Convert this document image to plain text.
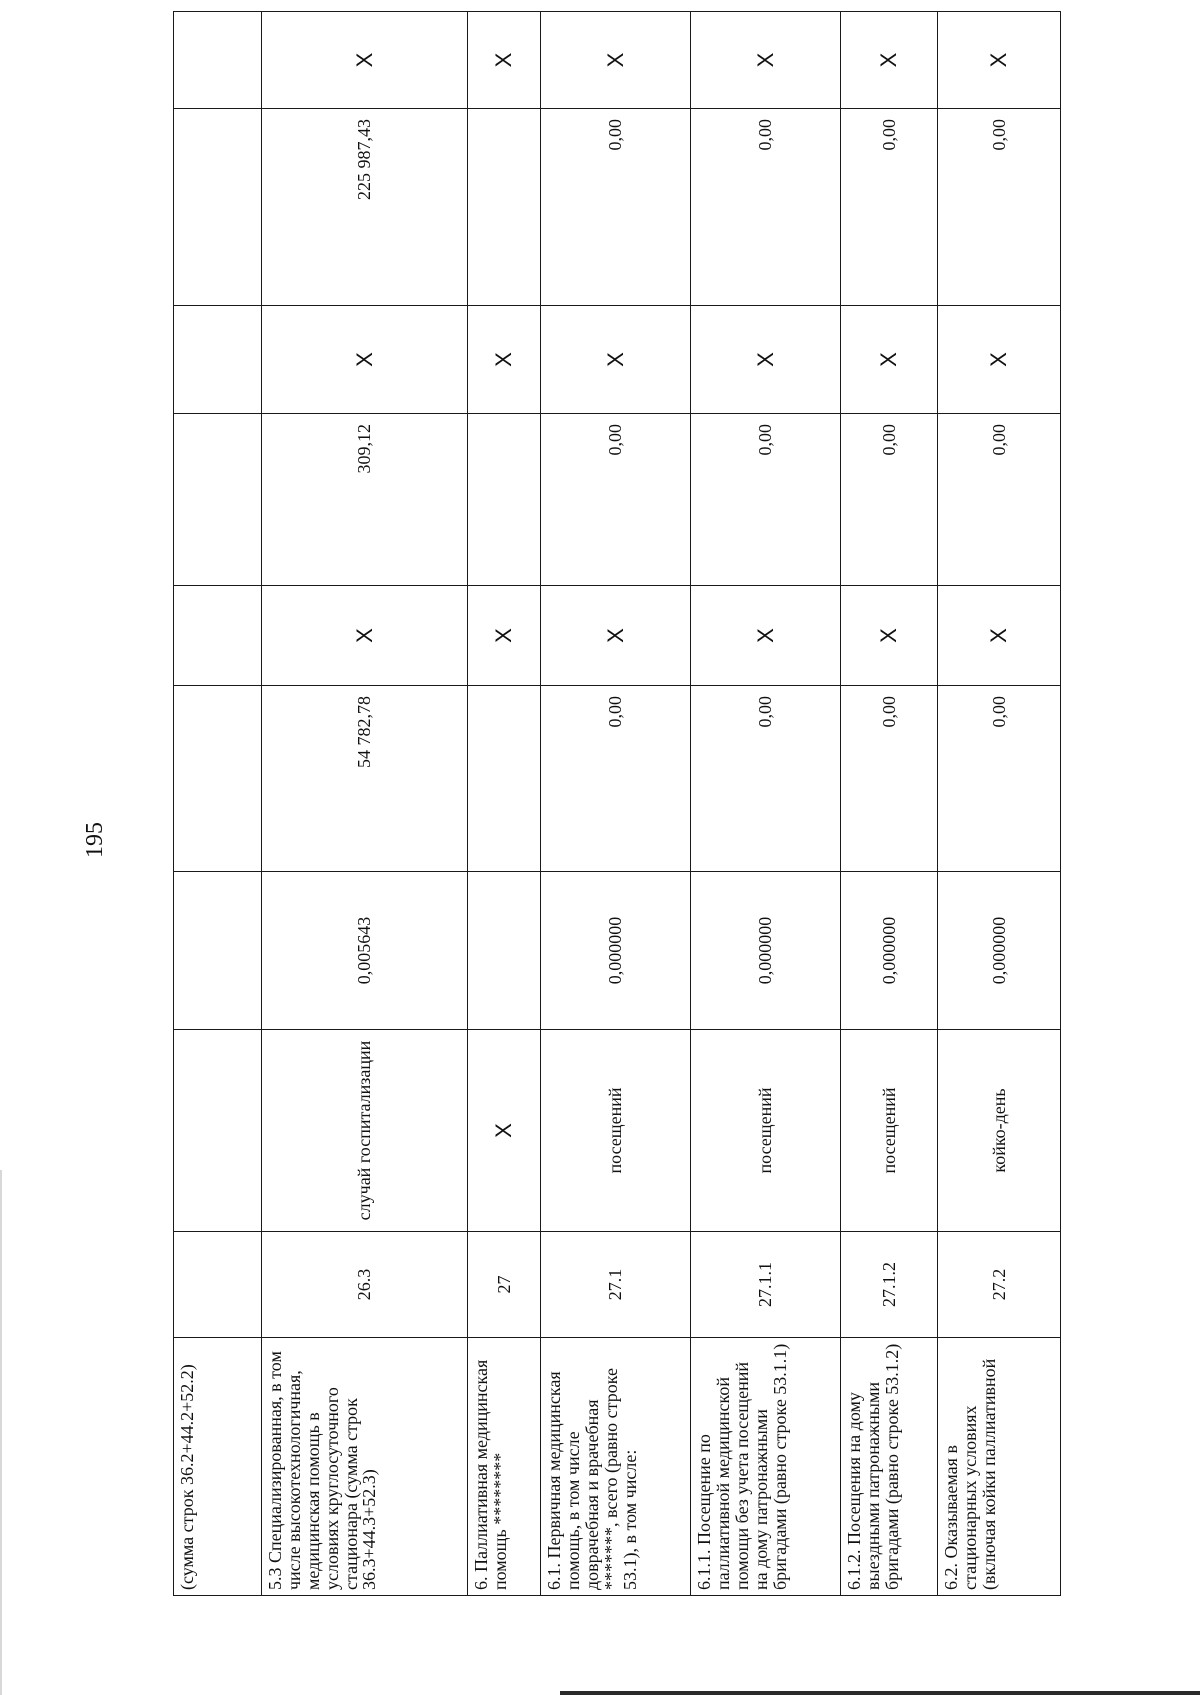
195
(сумма строк 36.2+44.2+52.2)									
5.3 Специализированная, в том числе высокотехнологичная, медицинская помощь в условиях круглосуточного стационара (сумма строк 36.3+44.3+52.3)	26.3	случай госпитализации	0,005643	54 782,78	X	309,12	X	225 987,43	X
6. Паллиативная медицинская помощь ********	27	X			X		X		X
6.1. Первичная медицинская помощь, в том числе доврачебная и врачебная *******, всего (равно строке 53.1), в том числе:	27.1	посещений	0,000000	0,00	X	0,00	X	0,00	X
6.1.1. Посещение по паллиативной медицинской помощи без учета посещений на дому патронажными бригадами (равно строке 53.1.1)	27.1.1	посещений	0,000000	0,00	X	0,00	X	0,00	X
6.1.2. Посещения на дому выездными патронажными бригадами (равно строке 53.1.2)	27.1.2	посещений	0,000000	0,00	X	0,00	X	0,00	X
6.2. Оказываемая в стационарных условиях (включая койки паллиативной	27.2	койко-день	0,000000	0,00	X	0,00	X	0,00	X
